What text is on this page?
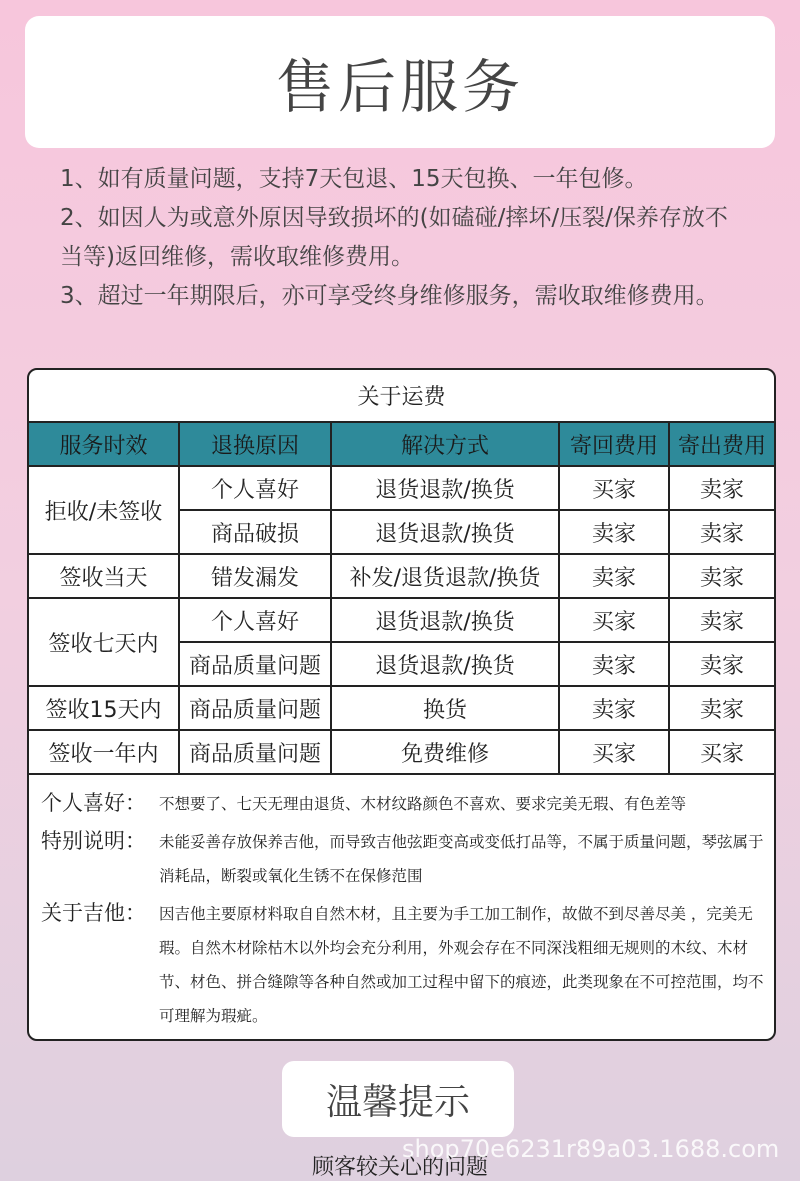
售后服务

1、如有质量问题，支持7天包退、15天包换、一年包修。

2、如因人为或意外原因导致损坏的(如磕碰/摔坏/压裂/保养存放不当等)返回维修，需收取维修费用。

3、超过一年期限后，亦可享受终身维修服务，需收取维修费用。

关于运费
服务时效	退换原因	解决方式	寄回费用	寄出费用
拒收/未签收	个人喜好	退货退款/换货	买家	卖家
	商品破损	退货退款/换货	卖家	卖家
签收当天	错发漏发	补发/退货退款/换货	卖家	卖家
签收七天内	个人喜好	退货退款/换货	买家	卖家
	商品质量问题	退货退款/换货	卖家	卖家
签收15天内	商品质量问题	换货	卖家	卖家
签收一年内	商品质量问题	免费维修	买家	买家
个人喜好： 不想要了、七天无理由退货、木材纹路颜色不喜欢、要求完美无瑕、有色差等
特别说明： 未能妥善存放保养吉他，而导致吉他弦距变高或变低打品等，不属于质量问题，琴弦属于消耗品，断裂或氧化生锈不在保修范围
关于吉他： 因吉他主要原材料取自自然木材，且主要为手工加工制作，故做不到尽善尽美 ，完美无瑕。自然木材除枯木以外均会充分利用，外观会存在不同深浅粗细无规则的木纹、木材节、材色、拼合缝隙等各种自然或加工过程中留下的痕迹，此类现象在不可控范围，均不可理解为瑕疵。
温馨提示
顾客较关心的问题
shop70e6231r89a03.1688.com
